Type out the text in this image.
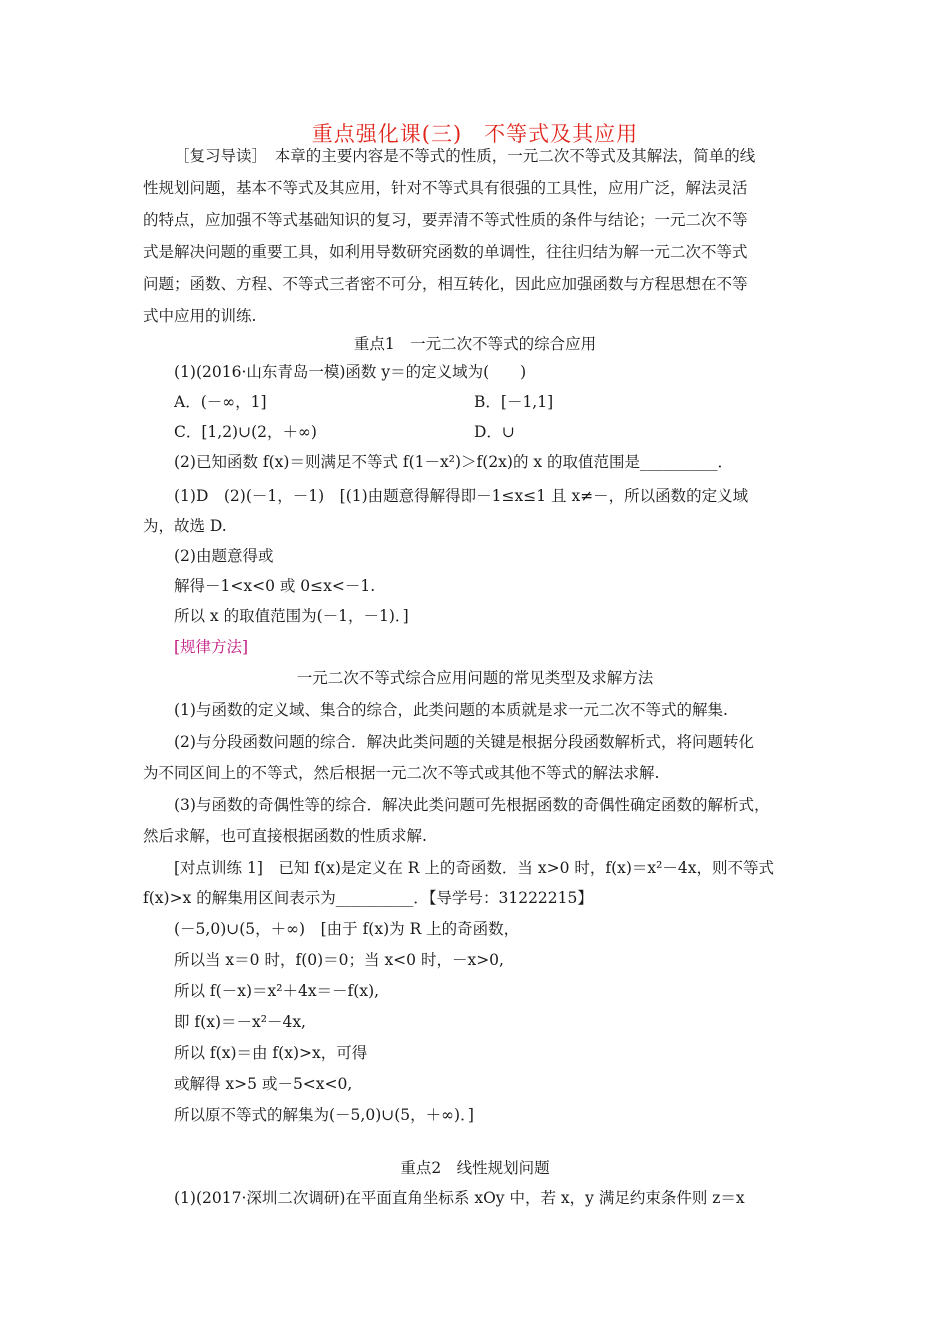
重点强化课(三)　不等式及其应用
［复习导读］　本章的主要内容是不等式的性质，一元二次不等式及其解法，简单的线
性规划问题，基本不等式及其应用，针对不等式具有很强的工具性，应用广泛，解法灵活
的特点，应加强不等式基础知识的复习，要弄清不等式性质的条件与结论；一元二次不等
式是解决问题的重要工具，如利用导数研究函数的单调性，往往归结为解一元二次不等式
问题；函数、方程、不等式三者密不可分，相互转化，因此应加强函数与方程思想在不等
式中应用的训练.
重点1　一元二次不等式的综合应用
(1)(2016·山东青岛一模)函数 y＝的定义域为(　　)
A．(－∞，1]	B．[－1,1]
C．[1,2)∪(2，＋∞)	D．∪
(2)已知函数 f(x)＝则满足不等式 f(1－x²)＞f(2x)的 x 的取值范围是__________．
(1)D　(2)(－1，－1)　[(1)由题意得解得即－1≤x≤1 且 x≠－，所以函数的定义域
为，故选 D.
(2)由题意得或
解得－1<x<0 或 0≤x<－1.
所以 x 的取值范围为(－1，－1)．]
[规律方法]
一元二次不等式综合应用问题的常见类型及求解方法
(1)与函数的定义域、集合的综合，此类问题的本质就是求一元二次不等式的解集.
(2)与分段函数问题的综合．解决此类问题的关键是根据分段函数解析式，将问题转化
为不同区间上的不等式，然后根据一元二次不等式或其他不等式的解法求解.
(3)与函数的奇偶性等的综合．解决此类问题可先根据函数的奇偶性确定函数的解析式，
然后求解，也可直接根据函数的性质求解.
[对点训练 1]　已知 f(x)是定义在 R 上的奇函数．当 x>0 时，f(x)＝x²－4x，则不等式
f(x)>x 的解集用区间表示为__________．【导学号：31222215】
(－5,0)∪(5，＋∞)　[由于 f(x)为 R 上的奇函数，
所以当 x＝0 时，f(0)＝0；当 x<0 时，－x>0,
所以 f(－x)＝x²＋4x＝－f(x),
即 f(x)＝－x²－4x,
所以 f(x)＝由 f(x)>x，可得
或解得 x>5 或－5<x<0,
所以原不等式的解集为(－5,0)∪(5，＋∞)．]
重点2　线性规划问题
(1)(2017·深圳二次调研)在平面直角坐标系 xOy 中，若 x，y 满足约束条件则 z＝x
